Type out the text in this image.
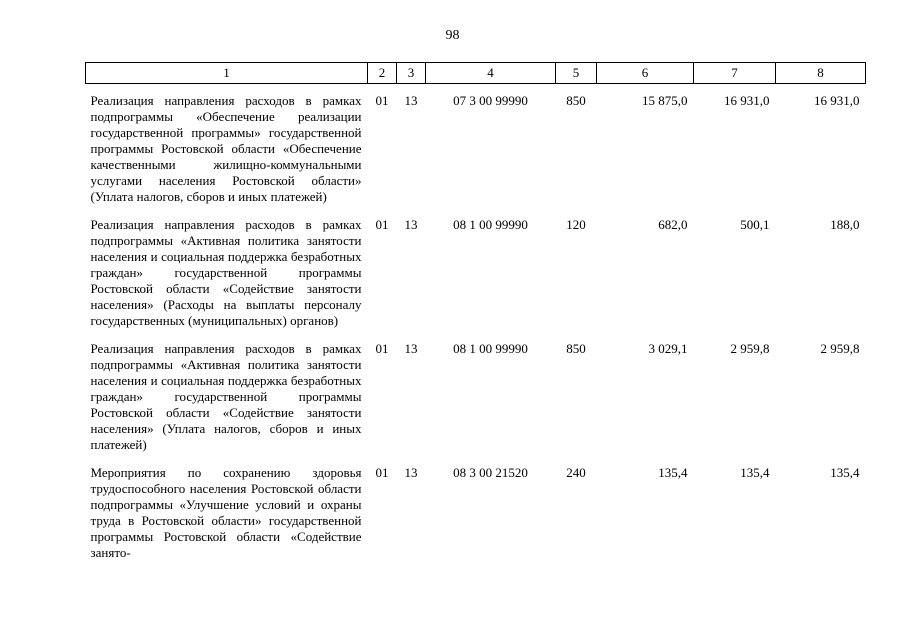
98
1	2	3	4	5	6	7	8
Реализация направления расходов в рамках подпрограммы «Обеспечение реализации государственной программы» государственной программы Ростовской области «Обеспечение качественными жилищно-коммунальными услугами населения Ростовской области» (Уплата налогов, сборов и иных платежей)	01	13	07 3 00 99990	850	15 875,0	16 931,0	16 931,0
Реализация направления расходов в рамках подпрограммы «Активная политика занятости населения и социальная поддержка безработных граждан» государственной программы Ростовской области «Содействие занятости населения» (Расходы на выплаты персоналу государственных (муниципальных) органов)	01	13	08 1 00 99990	120	682,0	500,1	188,0
Реализация направления расходов в рамках подпрограммы «Активная политика занятости населения и социальная поддержка безработных граждан» государственной программы Ростовской области «Содействие занятости населения» (Уплата налогов, сборов и иных платежей)	01	13	08 1 00 99990	850	3 029,1	2 959,8	2 959,8
Мероприятия по сохранению здоровья трудоспособного населения Ростовской области подпрограммы «Улучшение условий и охраны труда в Ростовской области» государственной программы Ростовской области «Содействие занято-	01	13	08 3 00 21520	240	135,4	135,4	135,4
